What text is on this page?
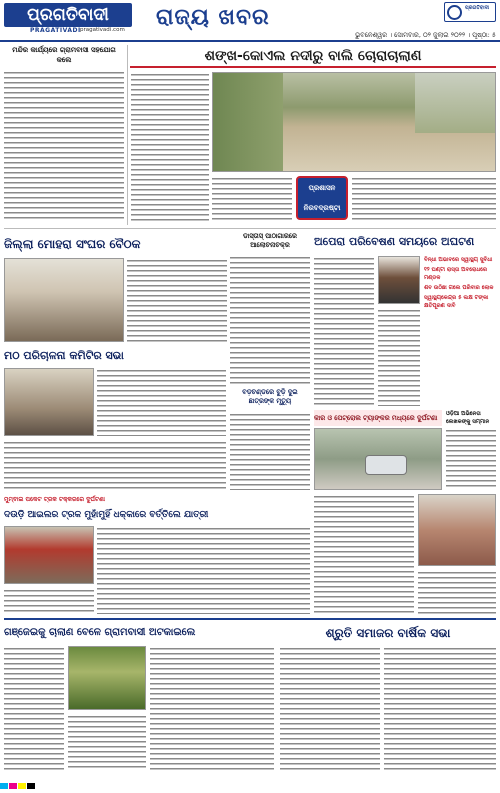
ପ୍ରଗତିବାଦୀ
PRAGATIVADI pragativadi.com ରାଜ୍ୟ ଖବର	ପ୍ରଗତିବାଦୀ
ଭୁବନେଶ୍ୱର । ସୋମବାର, ୦୨ ଜୁଲାଇ ୨୦୨୨ । ପୃଷ୍ଠା: ୫
ମନ୍ଦିର କାର୍ଯ୍ୟରେ ଗ୍ରାମବାସୀ ସହଯୋଗ କଲେ	ଶଙ୍ଖ-କୋଏଲ ନଦୀରୁ ବାଲି ଚୋରାଚାଲାଣ
ପ୍ରଶାସନ ନିରବଦ୍ରଷ୍ଟା
ଜିଲ୍ଲା ମୋହରା ସଂଘର ବୈଠକ
ଡାସ୍ତାସ୍ ପାଠାଗାରରେ ଆଲୋଚନାଚକ୍ର	ଅପେରା ପରିବେଷଣ ସମୟରେ ଅଘଟଣ
ବିନ୍ଧା ଅଭାବରେ ସ୍ୱାସ୍ଥ୍ୟ ସୁବିଧା
୧୨ ଘଣ୍ଟା ରାସ୍ତା ଅବରୋଧରେ ମଣ୍ଡଳ
ଶବ ଉଠିଛା ଗଲେ ପରିବାର ଲୋକ
ସ୍ୱାସ୍ଥ୍ୟକେନ୍ଦ୍ର ୫ ଲକ୍ଷ ଟଙ୍କା କ୍ଷତିପୂରଣ ଦାବି
ମଠ ପରିଚାଳନା କମିଟିର ସଭା
ବଡ଼ଚଣ୍ଡରେ ବୁଡ଼ି ଦୁଇ ଛାତ୍ରଙ୍କ ମୃତ୍ୟୁ
କାର ଓ ପେଟ୍ରୋଲ ଟ୍ୟାଙ୍କର ମଧ୍ୟରେ ଦୁର୍ଘଟଣା	ଓଡ଼ିଆ ଅଭିନେତା ଲେଖକଙ୍କୁ ସମ୍ମାନ
ମୁମ୍ବାଇ ପକେଟ ଟ୍ରକ ଟକ୍କରରେ ଦୁର୍ଘଟଣା
ଦଉଡ଼ି ଆଇଲର ଟ୍ରକ ମୁହାଁମୁହିଁ ଧକ୍କାରେ ବର୍ତ୍ତିଲେ ଯାତ୍ରୀ
ଗଞ୍ଜେଇକୁ ଚାଲାଣ ବେଳେ ଗ୍ରାମବାସୀ ଅଟକାଇଲେ	ଶ୍ରୁତି ସମାଜର ବାର୍ଷିକ ସଭା
